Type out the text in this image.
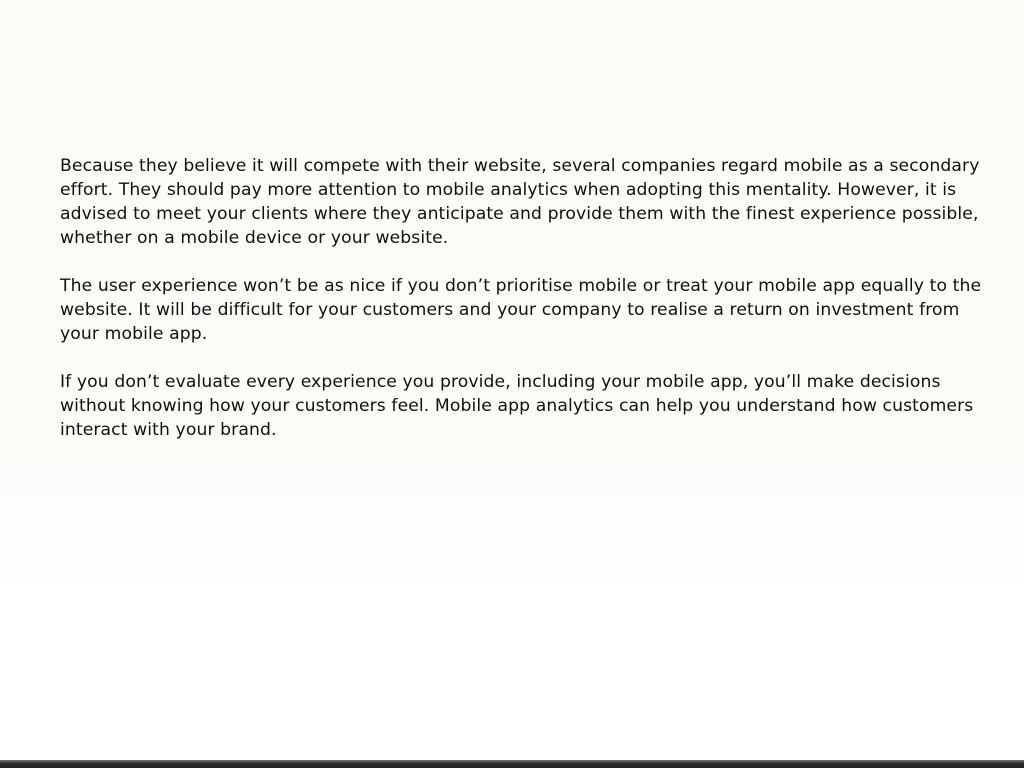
Because they believe it will compete with their website, several companies regard mobile as a secondary effort. They should pay more attention to mobile analytics when adopting this mentality. However, it is advised to meet your clients where they anticipate and provide them with the finest experience possible, whether on a mobile device or your website.

The user experience won’t be as nice if you don’t prioritise mobile or treat your mobile app equally to the website. It will be difficult for your customers and your company to realise a return on investment from your mobile app.

If you don’t evaluate every experience you provide, including your mobile app, you’ll make decisions without knowing how your customers feel. Mobile app analytics can help you understand how customers interact with your brand.
